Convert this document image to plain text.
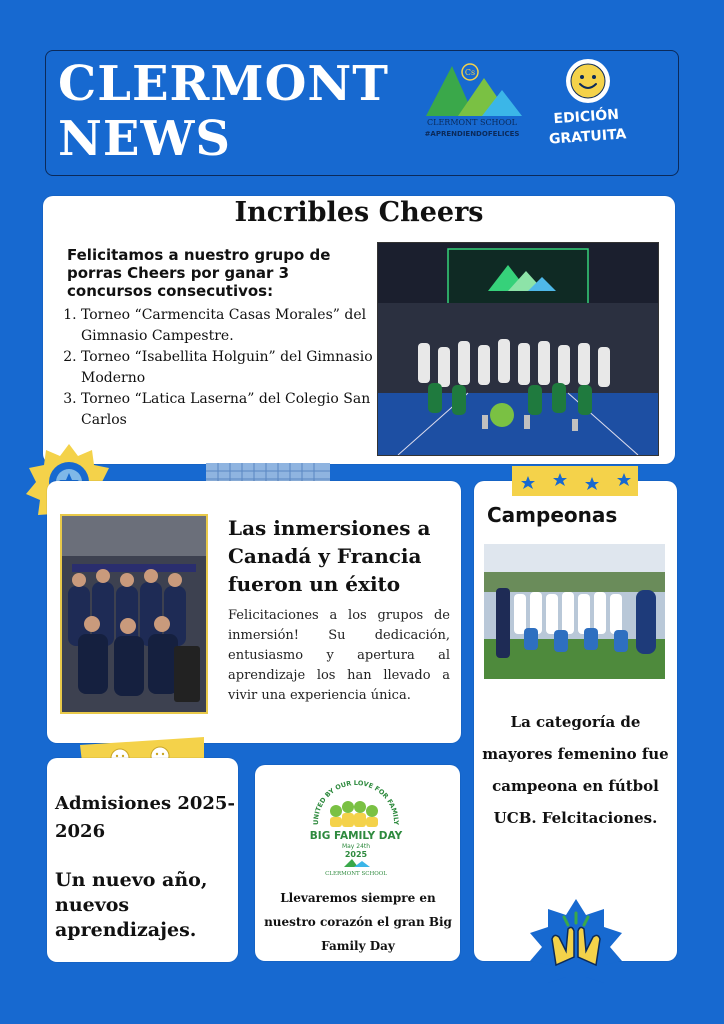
CLERMONT
NEWS
Cs
CLERMONT SCHOOL
#APRENDIENDOFELICES
EDICIÓN
GRATUITA
Incribles Cheers
Felicitamos a nuestro grupo de porras Cheers por ganar 3 concursos consecutivos:
1. Torneo “Carmencita Casas Morales” del Gimnasio Campestre.
2. Torneo “Isabellita Holguin” del Gimnasio Moderno
3. Torneo “Latica Laserna” del Colegio San Carlos
Las inmersiones a Canadá y Francia fueron un éxito
Felicitaciones a los grupos de inmersión! Su dedicación, entusiasmo y apertura al aprendizaje los han llevado a vivir una experiencia única.
Campeonas
La categoría de mayores femenino fue campeona en fútbol UCB. Felcitaciones.
Admisiones 2025-2026
Un nuevo año, nuevos aprendizajes.
UNITED BY OUR LOVE FOR FAMILY
BIG FAMILY DAY
May 24th
2025
CLERMONT SCHOOL
Llevaremos siempre en nuestro corazón el gran Big Family Day
